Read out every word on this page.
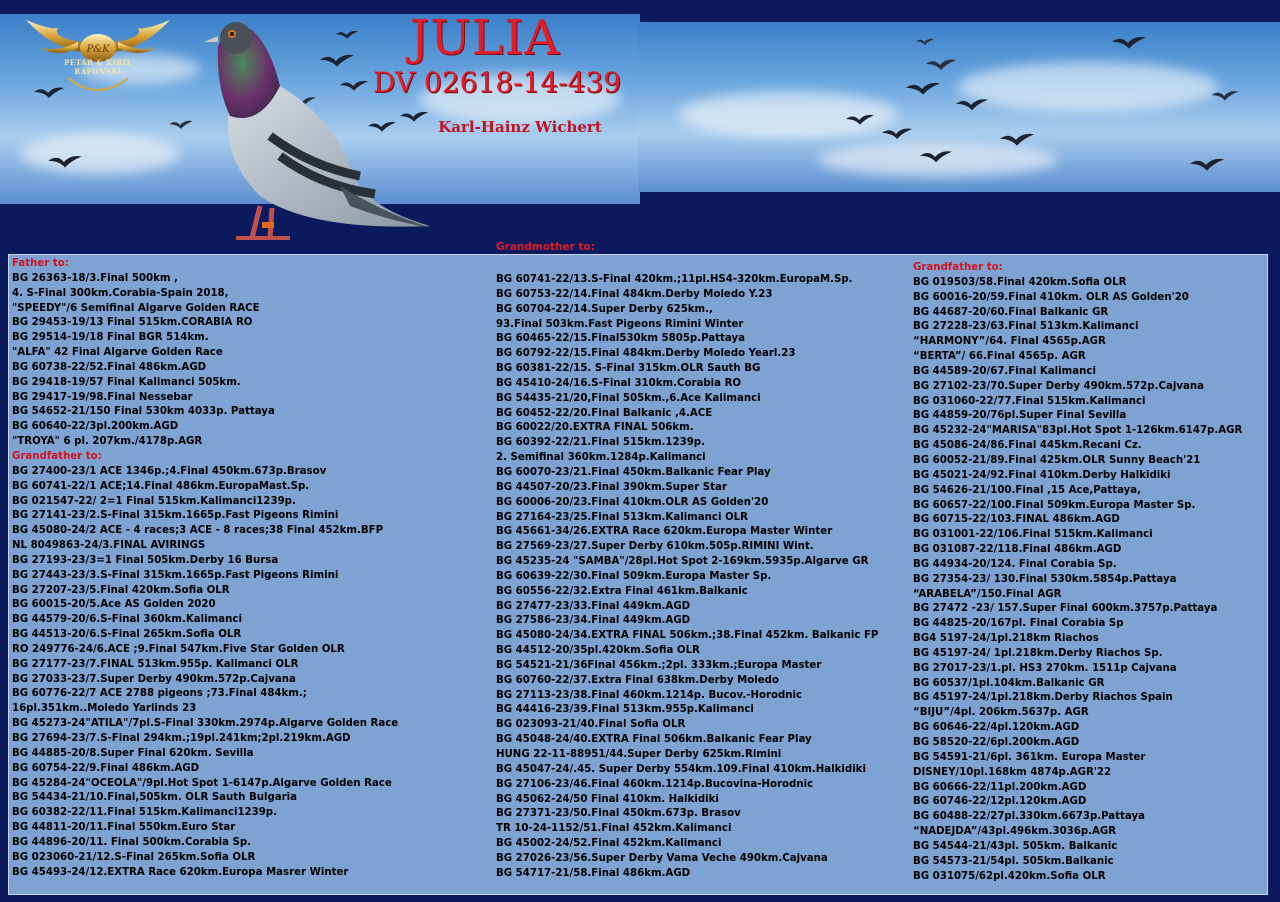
P&K
PETAR & KIRIL
RAPONSKI
JULIA
DV 02618-14-439
Karl-Hainz Wichert
Grandmother to:
Father to:
BG 26363-18/3.Final 500km ,
4. S-Final 300km.Corabia-Spain 2018,
"SPEEDY"/6 Semifinal Algarve Golden RACE
BG 29453-19/13 Final 515km.CORABIA RO
BG 29514-19/18 Final BGR 514km.
"ALFA" 42 Final Algarve Golden Race
BG 60738-22/52.Final 486km.AGD
BG 29418-19/57 Final Kalimanci 505km.
BG 29417-19/98.Final Nessebar
BG 54652-21/150 Final 530km 4033p. Pattaya
BG 60640-22/3pl.200km.AGD
"TROYA" 6 pl. 207km./4178p.AGR
Grandfather to:
BG 27400-23/1 ACE 1346p.;4.Final 450km.673p.Brasov
BG 60741-22/1 ACE;14.Final 486km.EuropaMast.Sp.
BG 021547-22/ 2=1 Final 515km.Kalimanci1239p.
BG 27141-23/2.S-Final 315km.1665p.Fast Pigeons Rimini
BG 45080-24/2 ACE - 4 races;3 ACE - 8 races;38 Final 452km.BFP
NL 8049863-24/3.FINAL AVIRINGS
BG 27193-23/3=1 Final 505km.Derby 16 Bursa
BG 27443-23/3.S-Final 315km.1665p.Fast Pigeons Rimini
BG 27207-23/5.Final 420km.Sofia OLR
BG 60015-20/5.Ace AS Golden 2020
BG 44579-20/6.S-Final 360km.Kalimanci
BG 44513-20/6.S-Final 265km.Sofia OLR
RO 249776-24/6.ACE ;9.Final 547km.Five Star Golden OLR
BG 27177-23/7.FINAL 513km.955p. Kalimanci OLR
BG 27033-23/7.Super Derby 490km.572p.Cajvana
BG 60776-22/7 ACE 2788 pigeons ;73.Final 484km.;
16pl.351km..Moledo Yarlinds 23
BG 45273-24"ATILA"/7pl.S-Final 330km.2974p.Algarve Golden Race
BG 27694-23/7.S-Final 294km.;19pl.241km;2pl.219km.AGD
BG 44885-20/8.Super Final 620km. Sevilla
BG 60754-22/9.Final 486km.AGD
BG 45284-24"OCEOLA"/9pl.Hot Spot 1-6147p.Algarve Golden Race
BG 54434-21/10.Final,505km. OLR Sauth Bulgaria
BG 60382-22/11.Final 515km.Kalimanci1239p.
BG 44811-20/11.Final 550km.Euro Star
BG 44896-20/11. Final 500km.Corabia Sp.
BG 023060-21/12.S-Final 265km.Sofia OLR
BG 45493-24/12.EXTRA Race 620km.Europa Masrer Winter
BG 60741-22/13.S-Final 420km.;11pl.HS4-320km.EuropaM.Sp.
BG 60753-22/14.Final 484km.Derby Moledo Y.23
BG 60704-22/14.Super Derby 625km.,
93.Final 503km.Fast Pigeons Rimini Winter
BG 60465-22/15.Final530km 5805p.Pattaya
BG 60792-22/15.Final 484km.Derby Moledo Yearl.23
BG 60381-22/15. S-Final 315km.OLR Sauth BG
BG 45410-24/16.S-Final 310km.Corabia RO
BG 54435-21/20,Final 505km.,6.Ace Kalimanci
BG 60452-22/20.Final Balkanic ,4.ACE
BG 60022/20.EXTRA FINAL 506km.
BG 60392-22/21.Final 515km.1239p.
2. Semifinal 360km.1284p.Kalimanci
BG 60070-23/21.Final 450km.Balkanic Fear Play
BG 44507-20/23.Final 390km.Super Star
BG 60006-20/23.Final 410km.OLR AS Golden'20
BG 27164-23/25.Final 513km.Kalimanci OLR
BG 45661-34/26.EXTRA Race 620km.Europa Master Winter
BG 27569-23/27.Super Derby 610km.505p.RIMINI Wint.
BG 45235-24 "SAMBA"/28pl.Hot Spot 2-169km.5935p.Algarve GR
BG 60639-22/30.Final 509km.Europa Master Sp.
BG 60556-22/32.Extra Final 461km.Balkanic
BG 27477-23/33.Final 449km.AGD
BG 27586-23/34.Final 449km.AGD
BG 45080-24/34.EXTRA FINAL 506km.;38.Final 452km. Balkanic FP
BG 44512-20/35pl.420km.Sofia OLR
BG 54521-21/36Final 456km.;2pl. 333km.;Europa Master
BG 60760-22/37.Extra Final 638km.Derby Moledo
BG 27113-23/38.Final 460km.1214p. Bucov.-Horodnic
BG 44416-23/39.Final 513km.955p.Kalimanci
BG 023093-21/40.Final Sofia OLR
BG 45048-24/40.EXTRA Final 506km.Balkanic Fear Play
HUNG 22-11-88951/44.Super Derby 625km.Rimini
BG 45047-24/.45. Super Derby 554km.109.Final 410km.Halkidiki
BG 27106-23/46.Final 460km.1214p.Bucovina-Horodnic
BG 45062-24/50 Final 410km. Halkidiki
BG 27371-23/50.Final 450km.673p. Brasov
TR 10-24-1152/51.Final 452km.Kalimanci
BG 45002-24/52.Final 452km.Kalimanci
BG 27026-23/56.Super Derby Vama Veche 490km.Cajvana
BG 54717-21/58.Final 486km.AGD
Grandfather to:
BG 019503/58.Final 420km.Sofia OLR
BG 60016-20/59.Final 410km. OLR AS Golden'20
BG 44687-20/60.Final Balkanic GR
BG 27228-23/63.Final 513km.Kalimanci
“HARMONY”/64. Final 4565p.AGR
“BERTA”/ 66.Final 4565p. AGR
BG 44589-20/67.Final Kalimanci
BG 27102-23/70.Super Derby 490km.572p.Cajvana
BG 031060-22/77.Final 515km.Kalimanci
BG 44859-20/76pl.Super Final Sevilla
BG 45232-24"MARISA"83pl.Hot Spot 1-126km.6147p.AGR
BG 45086-24/86.Final 445km.Recani Cz.
BG 60052-21/89.Final 425km.OLR Sunny Beach'21
BG 45021-24/92.Final 410km.Derby Halkidiki
BG 54626-21/100.Final ,15 Ace,Pattaya,
BG 60657-22/100.Final 509km.Europa Master Sp.
BG 60715-22/103.FINAL 486km.AGD
BG 031001-22/106.Final 515km.Kalimanci
BG 031087-22/118.Final 486km.AGD
BG 44934-20/124. Final Corabia Sp.
BG 27354-23/ 130.Final 530km.5854p.Pattaya
“ARABELA”/150.Final AGR
BG 27472 -23/ 157.Super Final 600km.3757p.Pattaya
BG 44825-20/167pl. Final Corabia Sp
BG4 5197-24/1pl.218km Riachos
BG 45197-24/ 1pl.218km.Derby Riachos Sp.
BG 27017-23/1.pl. HS3 270km. 1511p Cajvana
BG 60537/1pl.104km.Balkanic GR
BG 45197-24/1pl.218km.Derby Riachos Spain
“BIJU”/4pl. 206km.5637p. AGR
BG 60646-22/4pl.120km.AGD
BG 58520-22/6pl.200km.AGD
BG 54591-21/6pl. 361km. Europa Master
DISNEY/10pl.168km 4874p.AGR'22
BG 60666-22/11pl.200km.AGD
BG 60746-22/12pl.120km.AGD
BG 60488-22/27pl.330km.6673p.Pattaya
“NADEJDA”/43pl.496km.3036p.AGR
BG 54544-21/43pl. 505km. Balkanic
BG 54573-21/54pl. 505km.Balkanic
BG 031075/62pl.420km.Sofia OLR
